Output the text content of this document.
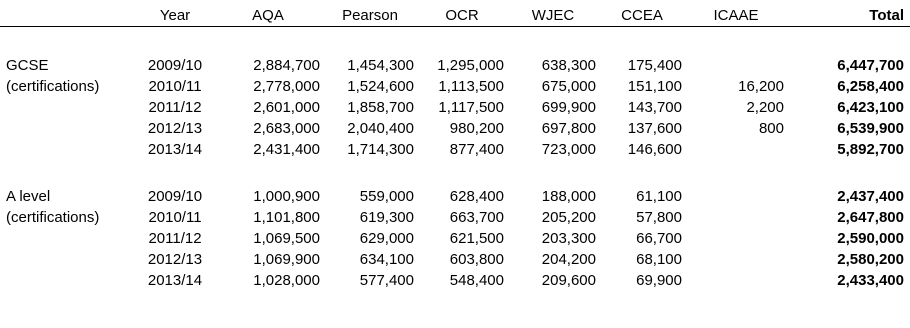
	Year	AQA	Pearson	OCR	WJEC	CCEA	ICAAE	Total

GCSE	2009/10	2,884,700	1,454,300	1,295,000	638,300	175,400		6,447,700
(certifications)	2010/11	2,778,000	1,524,600	1,113,500	675,000	151,100	16,200	6,258,400
	2011/12	2,601,000	1,858,700	1,117,500	699,900	143,700	2,200	6,423,100
	2012/13	2,683,000	2,040,400	980,200	697,800	137,600	800	6,539,900
	2013/14	2,431,400	1,714,300	877,400	723,000	146,600		5,892,700

A level	2009/10	1,000,900	559,000	628,400	188,000	61,100		2,437,400
(certifications)	2010/11	1,101,800	619,300	663,700	205,200	57,800		2,647,800
	2011/12	1,069,500	629,000	621,500	203,300	66,700		2,590,000
	2012/13	1,069,900	634,100	603,800	204,200	68,100		2,580,200
	2013/14	1,028,000	577,400	548,400	209,600	69,900		2,433,400
